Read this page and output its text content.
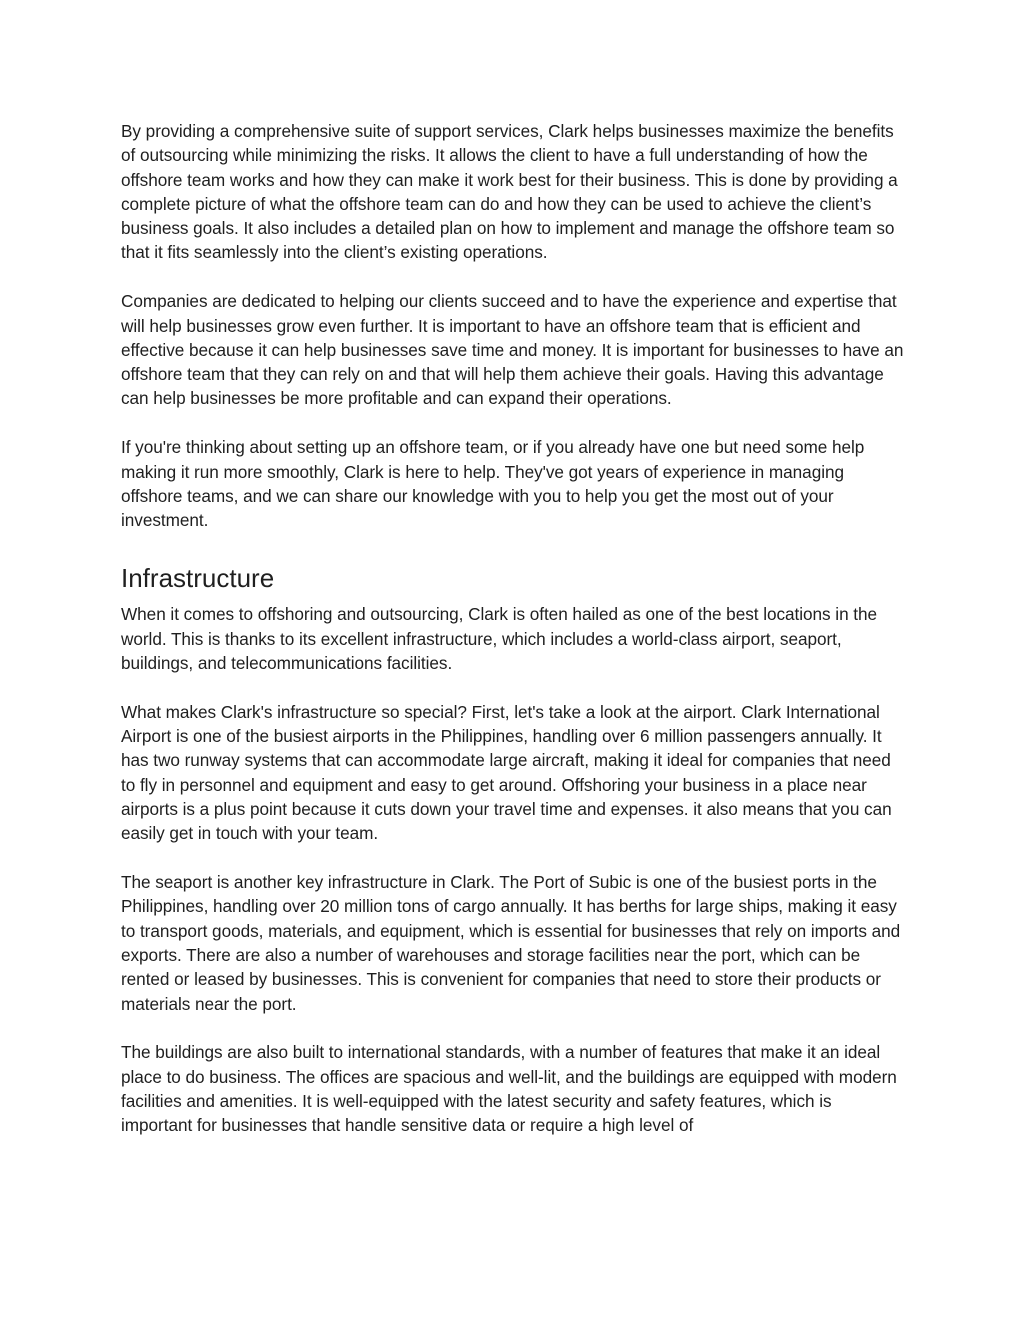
By providing a comprehensive suite of support services, Clark helps businesses maximize the benefits of outsourcing while minimizing the risks. It allows the client to have a full understanding of how the offshore team works and how they can make it work best for their business. This is done by providing a complete picture of what the offshore team can do and how they can be used to achieve the client’s business goals. It also includes a detailed plan on how to implement and manage the offshore team so that it fits seamlessly into the client’s existing operations.

Companies are dedicated to helping our clients succeed and to have the experience and expertise that will help businesses grow even further. It is important to have an offshore team that is efficient and effective because it can help businesses save time and money. It is important for businesses to have an offshore team that they can rely on and that will help them achieve their goals. Having this advantage can help businesses be more profitable and can expand their operations.

If you're thinking about setting up an offshore team, or if you already have one but need some help making it run more smoothly, Clark is here to help. They've got years of experience in managing offshore teams, and we can share our knowledge with you to help you get the most out of your investment.

Infrastructure

When it comes to offshoring and outsourcing, Clark is often hailed as one of the best locations in the world. This is thanks to its excellent infrastructure, which includes a world-class airport, seaport, buildings, and telecommunications facilities.

What makes Clark's infrastructure so special? First, let's take a look at the airport. Clark International Airport is one of the busiest airports in the Philippines, handling over 6 million passengers annually. It has two runway systems that can accommodate large aircraft, making it ideal for companies that need to fly in personnel and equipment and easy to get around. Offshoring your business in a place near airports is a plus point because it cuts down your travel time and expenses. it also means that you can easily get in touch with your team.

The seaport is another key infrastructure in Clark. The Port of Subic is one of the busiest ports in the Philippines, handling over 20 million tons of cargo annually. It has berths for large ships, making it easy to transport goods, materials, and equipment, which is essential for businesses that rely on imports and exports. There are also a number of warehouses and storage facilities near the port, which can be rented or leased by businesses. This is convenient for companies that need to store their products or materials near the port.

The buildings are also built to international standards, with a number of features that make it an ideal place to do business. The offices are spacious and well-lit, and the buildings are equipped with modern facilities and amenities. It is well-equipped with the latest security and safety features, which is important for businesses that handle sensitive data or require a high level of
